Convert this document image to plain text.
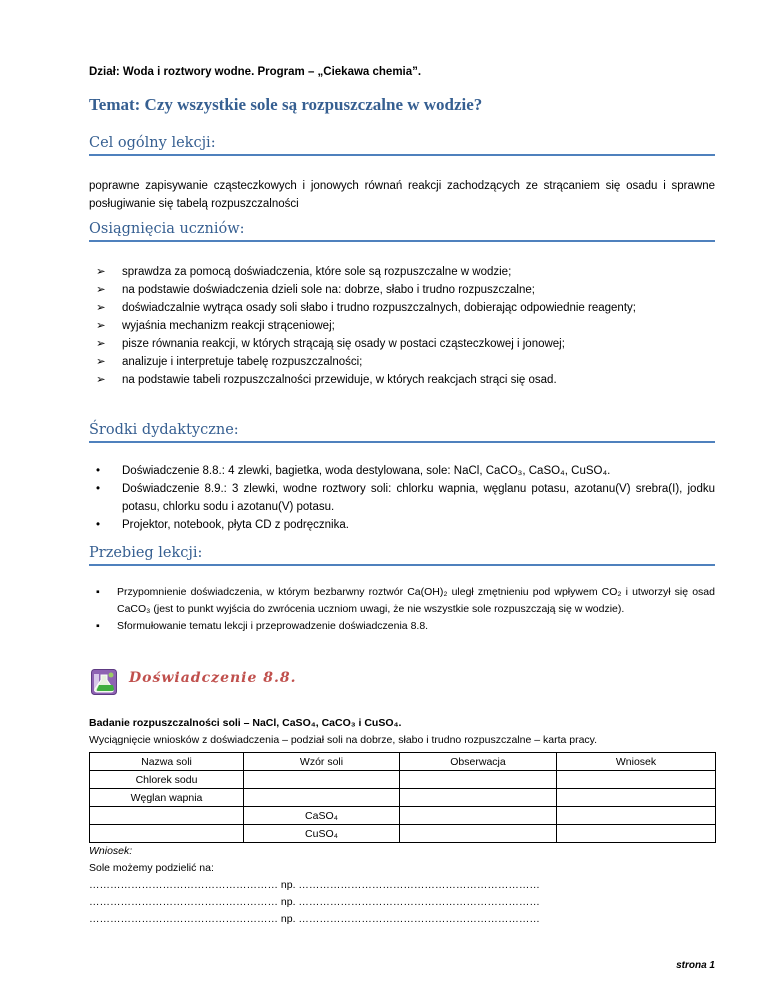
Dział: Woda i roztwory wodne. Program – „Ciekawa chemia”.
Temat: Czy wszystkie sole są rozpuszczalne w wodzie?
Cel ogólny lekcji:
poprawne zapisywanie cząsteczkowych i jonowych równań reakcji zachodzących ze strącaniem się osadu i sprawne posługiwanie się tabelą rozpuszczalności
Osiągnięcia uczniów:
➢	sprawdza za pomocą doświadczenia, które sole są rozpuszczalne w wodzie;
➢	na podstawie doświadczenia dzieli sole na: dobrze, słabo i trudno rozpuszczalne;
➢	doświadczalnie wytrąca osady soli słabo i trudno rozpuszczalnych, dobierając odpowiednie reagenty;
➢	wyjaśnia mechanizm reakcji strąceniowej;
➢	pisze równania reakcji, w których strącają się osady w postaci cząsteczkowej i jonowej;
➢	analizuje i interpretuje tabelę rozpuszczalności;
➢	na podstawie tabeli rozpuszczalności przewiduje, w których reakcjach strąci się osad.
Środki dydaktyczne:
•	Doświadczenie 8.8.: 4 zlewki, bagietka, woda destylowana, sole: NaCl, CaCO₃, CaSO₄, CuSO₄.
•	Doświadczenie 8.9.: 3 zlewki, wodne roztwory soli: chlorku wapnia, węglanu potasu, azotanu(V) srebra(I), jodku potasu, chlorku sodu i azotanu(V) potasu.
•	Projektor, notebook, płyta CD z podręcznika.
Przebieg lekcji:
▪	Przypomnienie doświadczenia, w którym bezbarwny roztwór Ca(OH)₂ uległ zmętnieniu pod wpływem CO₂ i utworzył się osad CaCO₃ (jest to punkt wyjścia do zwrócenia uczniom uwagi, że nie wszystkie sole rozpuszczają się w wodzie).
▪	Sformułowanie tematu lekcji i przeprowadzenie doświadczenia 8.8.
Doświadczenie 8.8.
Badanie rozpuszczalności soli – NaCl, CaSO₄, CaCO₃ i CuSO₄.
Wyciągnięcie wniosków z doświadczenia – podział soli na dobrze, słabo i trudno rozpuszczalne – karta pracy.
Nazwa soli	Wzór soli	Obserwacja	Wniosek
Chlorek sodu			
Węglan wapnia			
	CaSO₄		
	CuSO₄		
Wniosek:
Sole możemy podzielić na:
……………………………………………… np. ……………………………………………………………
……………………………………………… np. ……………………………………………………………
……………………………………………… np. ……………………………………………………………
strona 1
